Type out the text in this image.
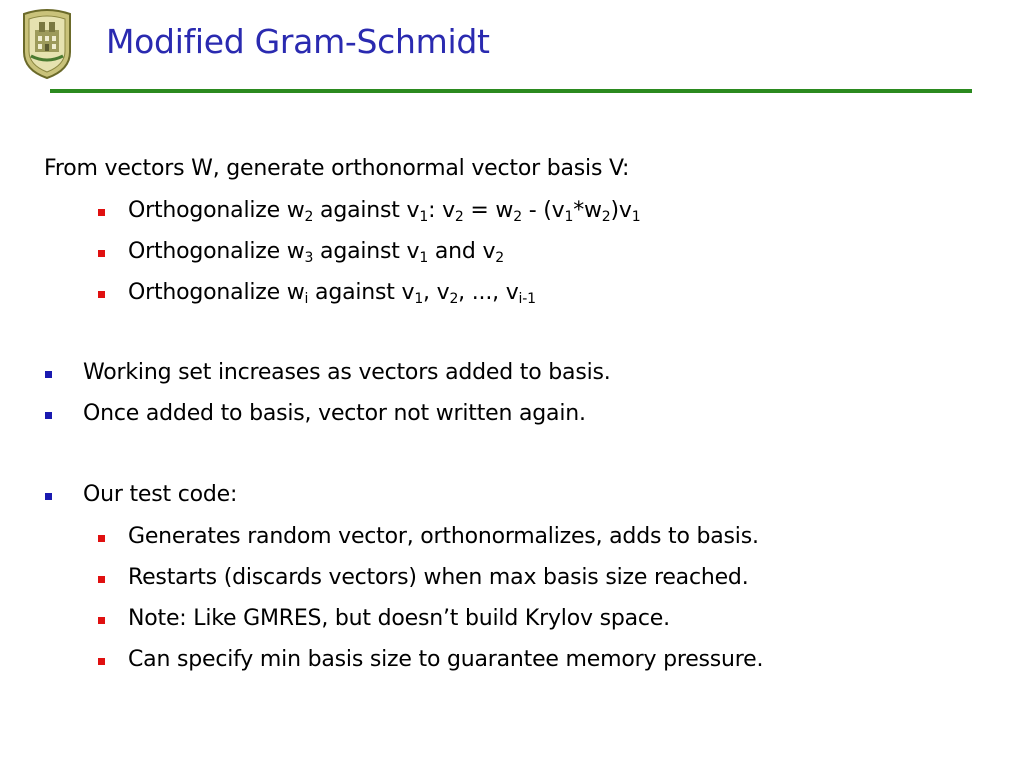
Modified Gram-Schmidt
From vectors W, generate orthonormal vector basis V:
Orthogonalize $w_2$ against $v_1$: $v_2 = w_2 - (v_1*w_2)v_1$
Orthogonalize $w_3$ against $v_1$ and $v_2$
Orthogonalize $w_i$ against $v_1$, $v_2$, ..., $v_{i-1}$
Working set increases as vectors added to basis.
Once added to basis, vector not written again.
Our test code:
Generates random vector, orthonormalizes, adds to basis.
Restarts (discards vectors) when max basis size reached.
Note: Like GMRES, but doesn’t build Krylov space.
Can specify min basis size to guarantee memory pressure.
